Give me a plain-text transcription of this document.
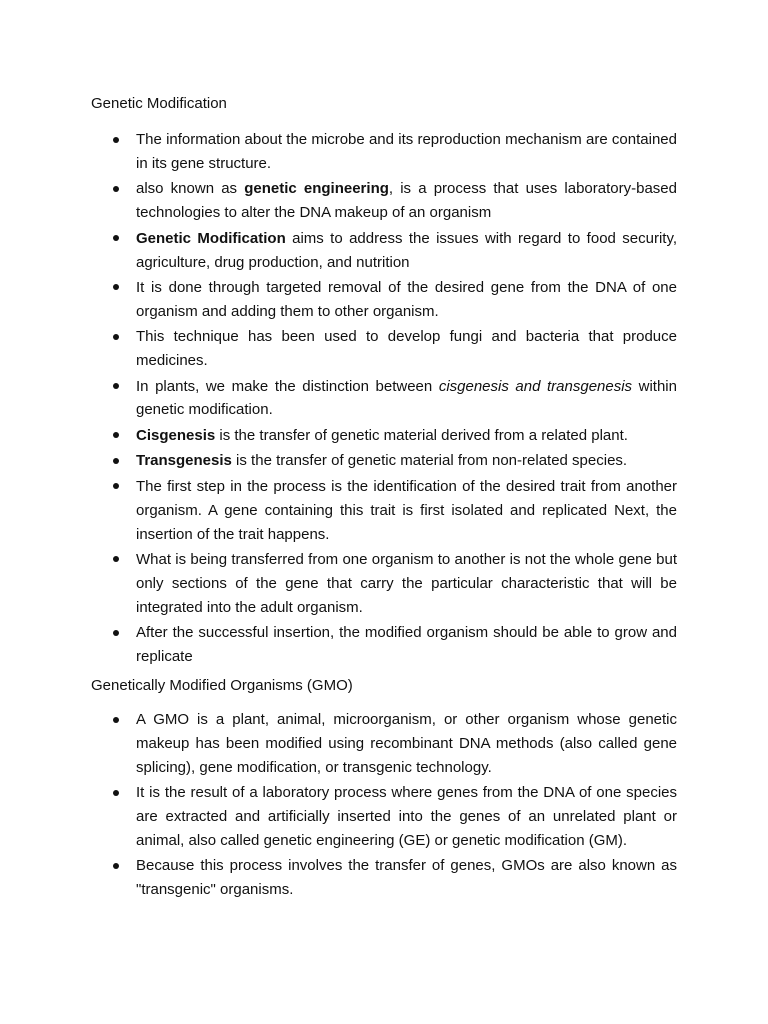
Genetic Modification
The information about the microbe and its reproduction mechanism are contained in its gene structure.
also known as genetic engineering, is a process that uses laboratory-based technologies to alter the DNA makeup of an organism
Genetic Modification aims to address the issues with regard to food security, agriculture, drug production, and nutrition
It is done through targeted removal of the desired gene from the DNA of one organism and adding them to other organism.
This technique has been used to develop fungi and bacteria that produce medicines.
In plants, we make the distinction between cisgenesis and transgenesis within genetic modification.
Cisgenesis is the transfer of genetic material derived from a related plant.
Transgenesis is the transfer of genetic material from non-related species.
The first step in the process is the identification of the desired trait from another organism. A gene containing this trait is first isolated and replicated Next, the insertion of the trait happens.
What is being transferred from one organism to another is not the whole gene but only sections of the gene that carry the particular characteristic that will be integrated into the adult organism.
After the successful insertion, the modified organism should be able to grow and replicate
Genetically Modified Organisms (GMO)
A GMO is a plant, animal, microorganism, or other organism whose genetic makeup has been modified using recombinant DNA methods (also called gene splicing), gene modification, or transgenic technology.
It is the result of a laboratory process where genes from the DNA of one species are extracted and artificially inserted into the genes of an unrelated plant or animal, also called genetic engineering (GE) or genetic modification (GM).
Because this process involves the transfer of genes, GMOs are also known as "transgenic" organisms.
